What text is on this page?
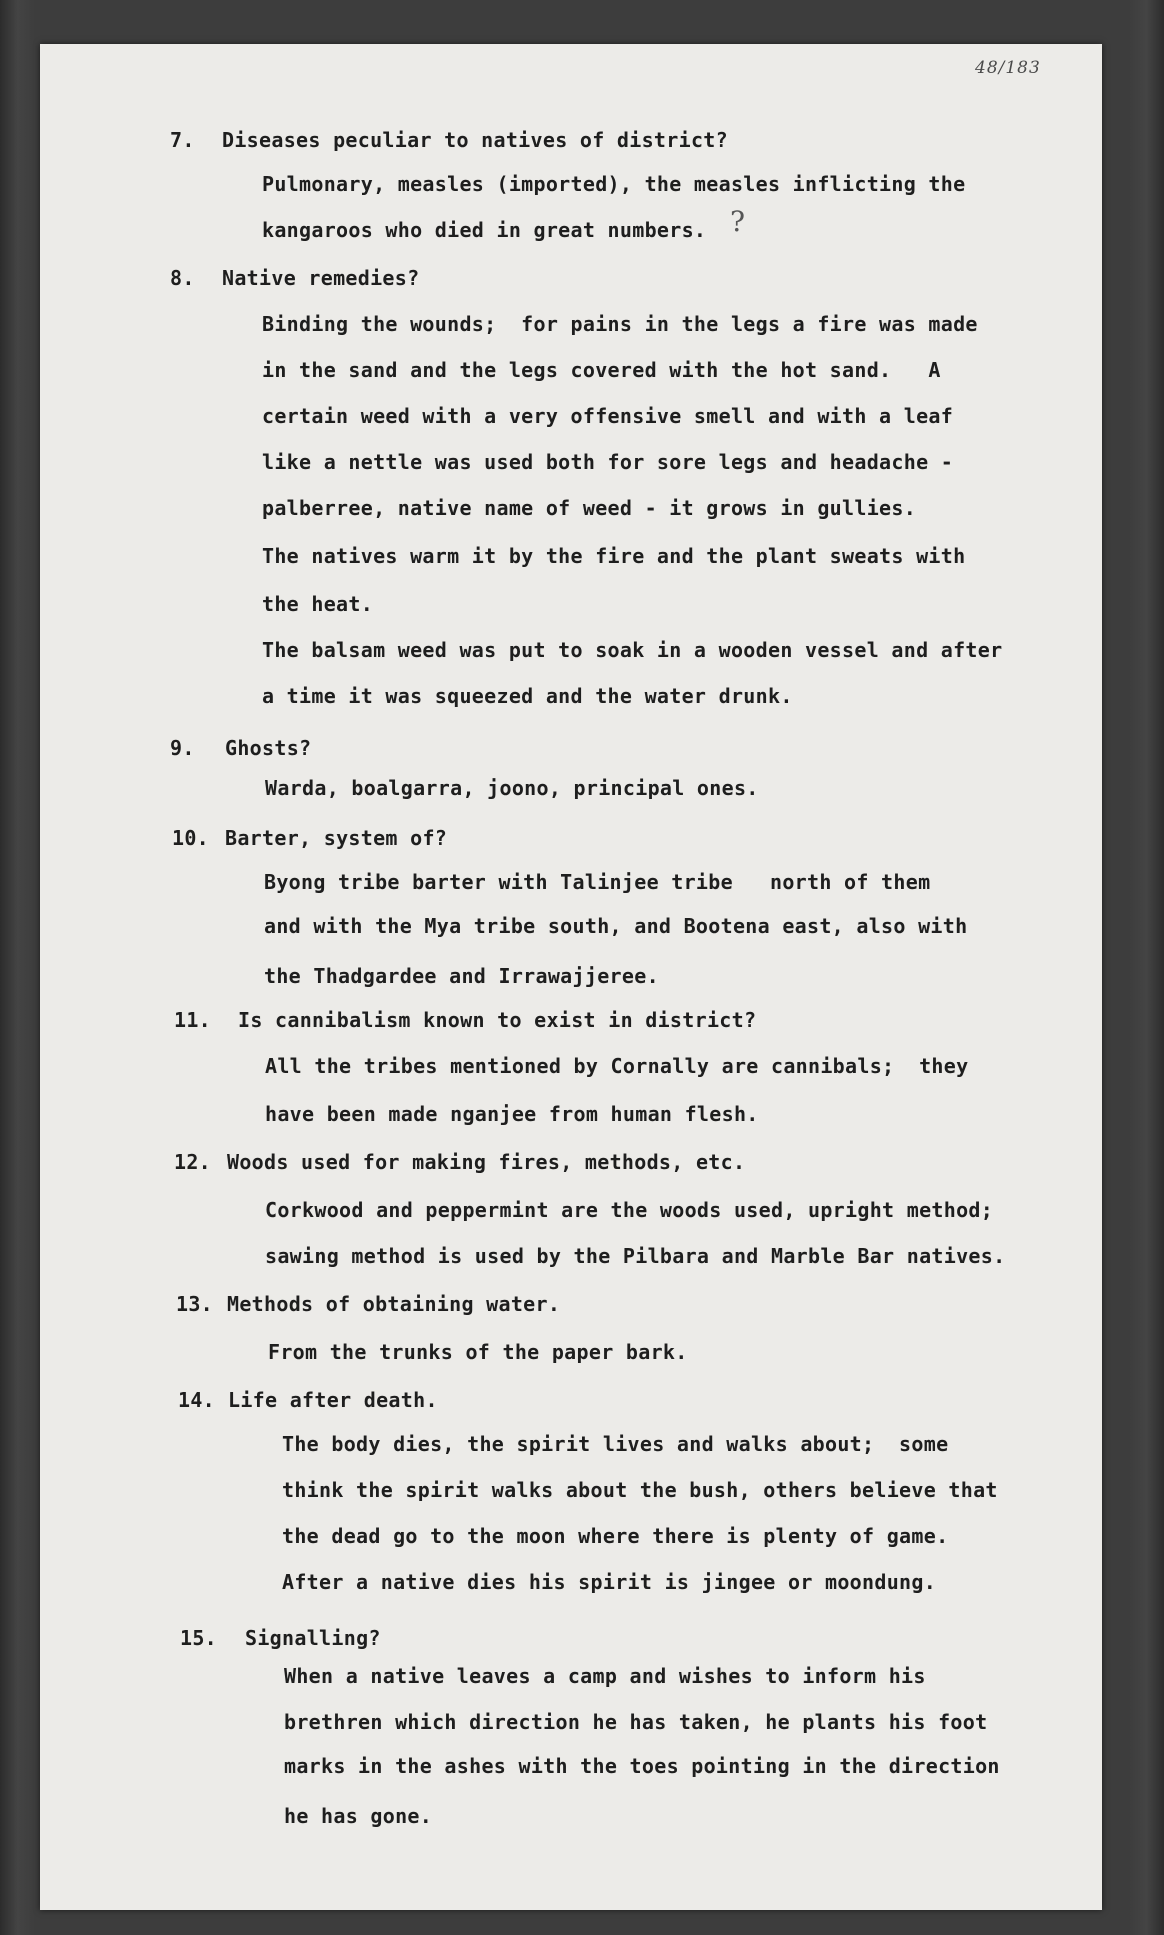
48/183
?
7. Diseases peculiar to natives of district?
Pulmonary, measles (imported), the measles inflicting the
kangaroos who died in great numbers.
8. Native remedies?
Binding the wounds;  for pains in the legs a fire was made
in the sand and the legs covered with the hot sand.   A
certain weed with a very offensive smell and with a leaf
like a nettle was used both for sore legs and headache -
palberree, native name of weed - it grows in gullies.
The natives warm it by the fire and the plant sweats with
the heat.
The balsam weed was put to soak in a wooden vessel and after
a time it was squeezed and the water drunk.
9. Ghosts?
Warda, boalgarra, joono, principal ones.
10. Barter, system of?
Byong tribe barter with Talinjee tribe   north of them
and with the Mya tribe south, and Bootena east, also with
the Thadgardee and Irrawajjeree.
11. Is cannibalism known to exist in district?
All the tribes mentioned by Cornally are cannibals;  they
have been made nganjee from human flesh.
12. Woods used for making fires, methods, etc.
Corkwood and peppermint are the woods used, upright method;
sawing method is used by the Pilbara and Marble Bar natives.
13. Methods of obtaining water.
From the trunks of the paper bark.
14. Life after death.
The body dies, the spirit lives and walks about;  some
think the spirit walks about the bush, others believe that
the dead go to the moon where there is plenty of game.
After a native dies his spirit is jingee or moondung.
15. Signalling?
When a native leaves a camp and wishes to inform his
brethren which direction he has taken, he plants his foot
marks in the ashes with the toes pointing in the direction
he has gone.
